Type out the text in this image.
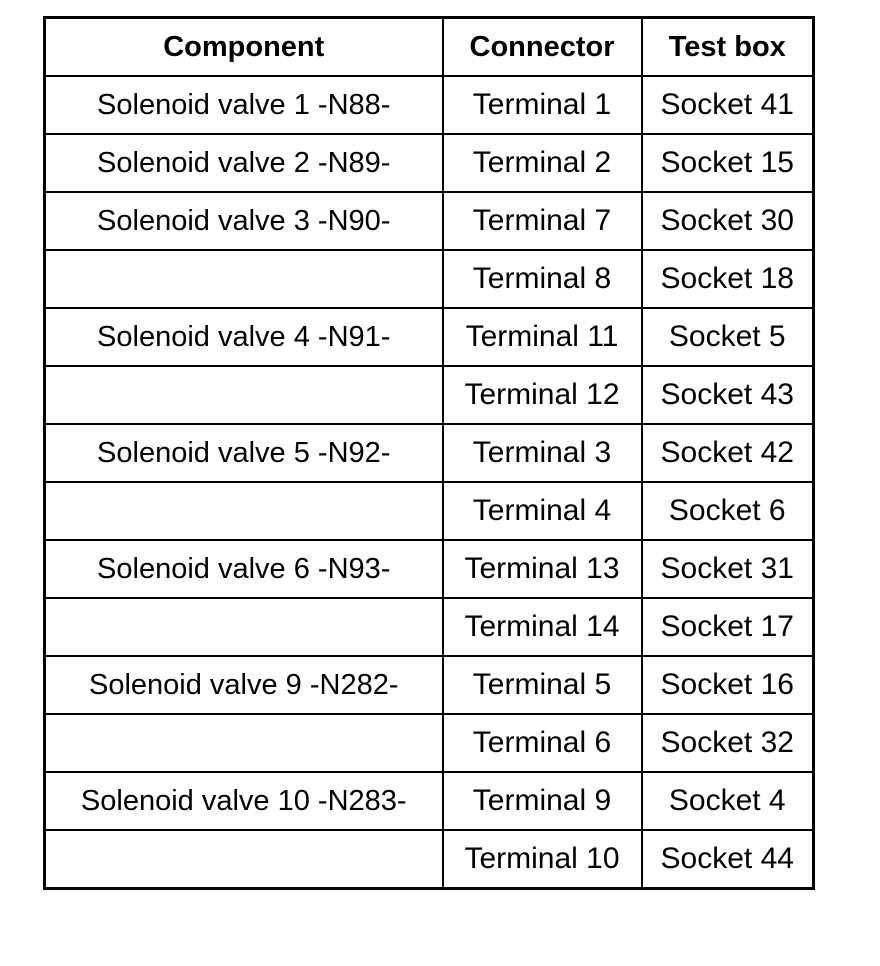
Component	Connector	Test box
Solenoid valve 1 -N88-	Terminal 1	Socket 41
Solenoid valve 2 -N89-	Terminal 2	Socket 15
Solenoid valve 3 -N90-	Terminal 7	Socket 30
	Terminal 8	Socket 18
Solenoid valve 4 -N91-	Terminal 11	Socket 5
	Terminal 12	Socket 43
Solenoid valve 5 -N92-	Terminal 3	Socket 42
	Terminal 4	Socket 6
Solenoid valve 6 -N93-	Terminal 13	Socket 31
	Terminal 14	Socket 17
Solenoid valve 9 -N282-	Terminal 5	Socket 16
	Terminal 6	Socket 32
Solenoid valve 10 -N283-	Terminal 9	Socket 4
	Terminal 10	Socket 44
